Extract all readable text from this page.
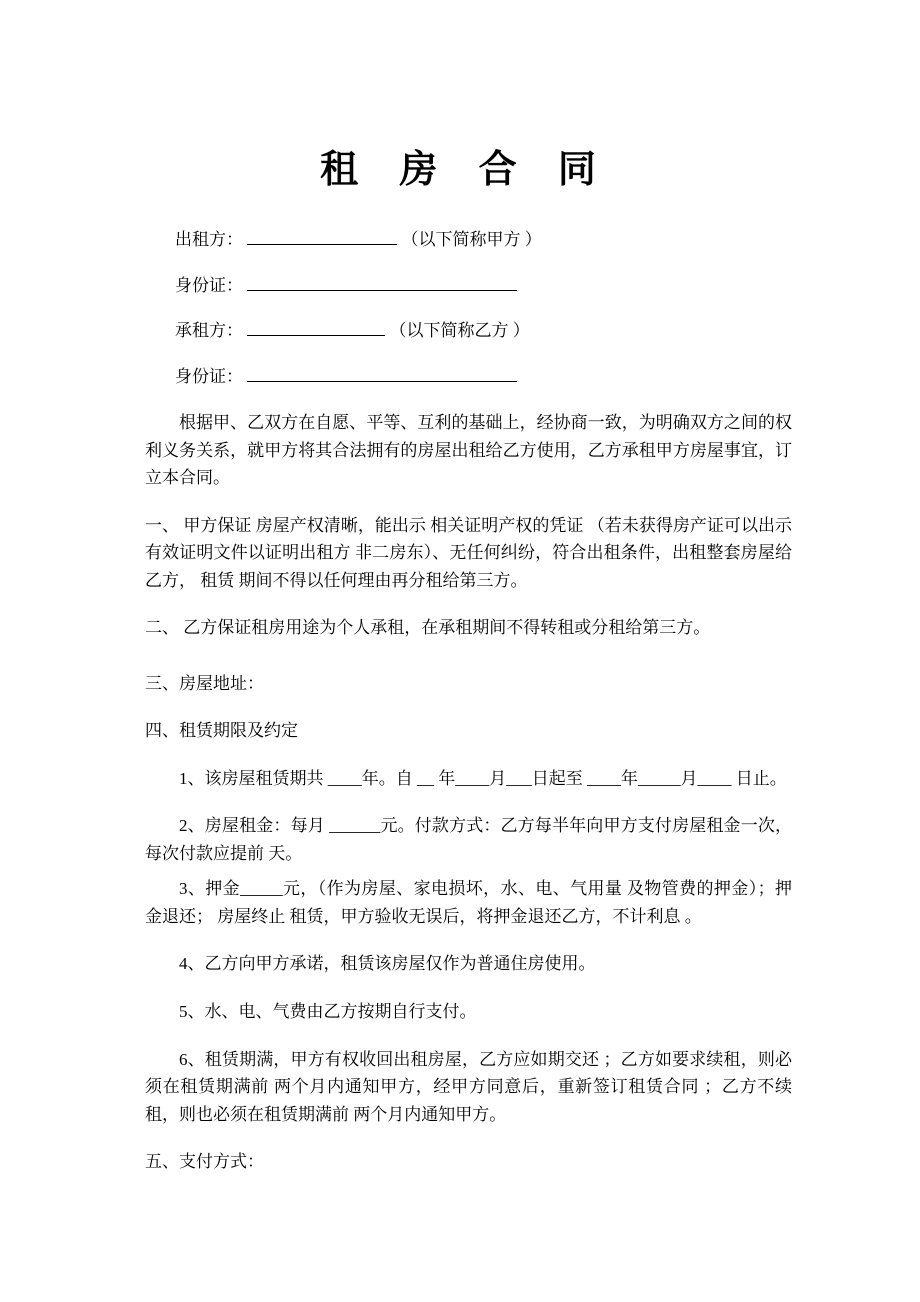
租 房 合 同
出租方：	（以下简称甲方 ）
身份证：
承租方：	（以下简称乙方 ）
身份证：

根据甲、乙双方在自愿、平等、互利的基础上，经协商一致，为明确双方之间的权利义务关系，就甲方将其合法拥有的房屋出租给乙方使用，乙方承租甲方房屋事宜，订立本合同。

一、 甲方保证 房屋产权清晰，能出示 相关证明产权的凭证 （若未获得房产证可以出示有效证明文件以证明出租方 非二房东）、无任何纠纷，符合出租条件，出租整套房屋给乙方， 租赁 期间不得以任何理由再分租给第三方。

二、 乙方保证租房用途为个人承租，在承租期间不得转租或分租给第三方。

三、房屋地址：

四、租赁期限及约定

1、该房屋租赁期共 ____年。自 __ 年____月___日起至 ____年_____月____ 日止。

2、房屋租金：每月 ______元。付款方式：乙方每半年向甲方支付房屋租金一次，每次付款应提前 天。

3、押金_____元，（作为房屋、家电损坏，水、电、气用量 及物管费的押金）；押金退还； 房屋终止 租赁，甲方验收无误后，将押金退还乙方，不计利息 。

4、乙方向甲方承诺，租赁该房屋仅作为普通住房使用。

5、水、电、气费由乙方按期自行支付。

6、租赁期满，甲方有权收回出租房屋，乙方应如期交还 ；乙方如要求续租，则必 须在租赁期满前 两个月内通知甲方，经甲方同意后，重新签订租赁合同 ；乙方不续租，则也必须在租赁期满前 两个月内通知甲方。

五、支付方式：
